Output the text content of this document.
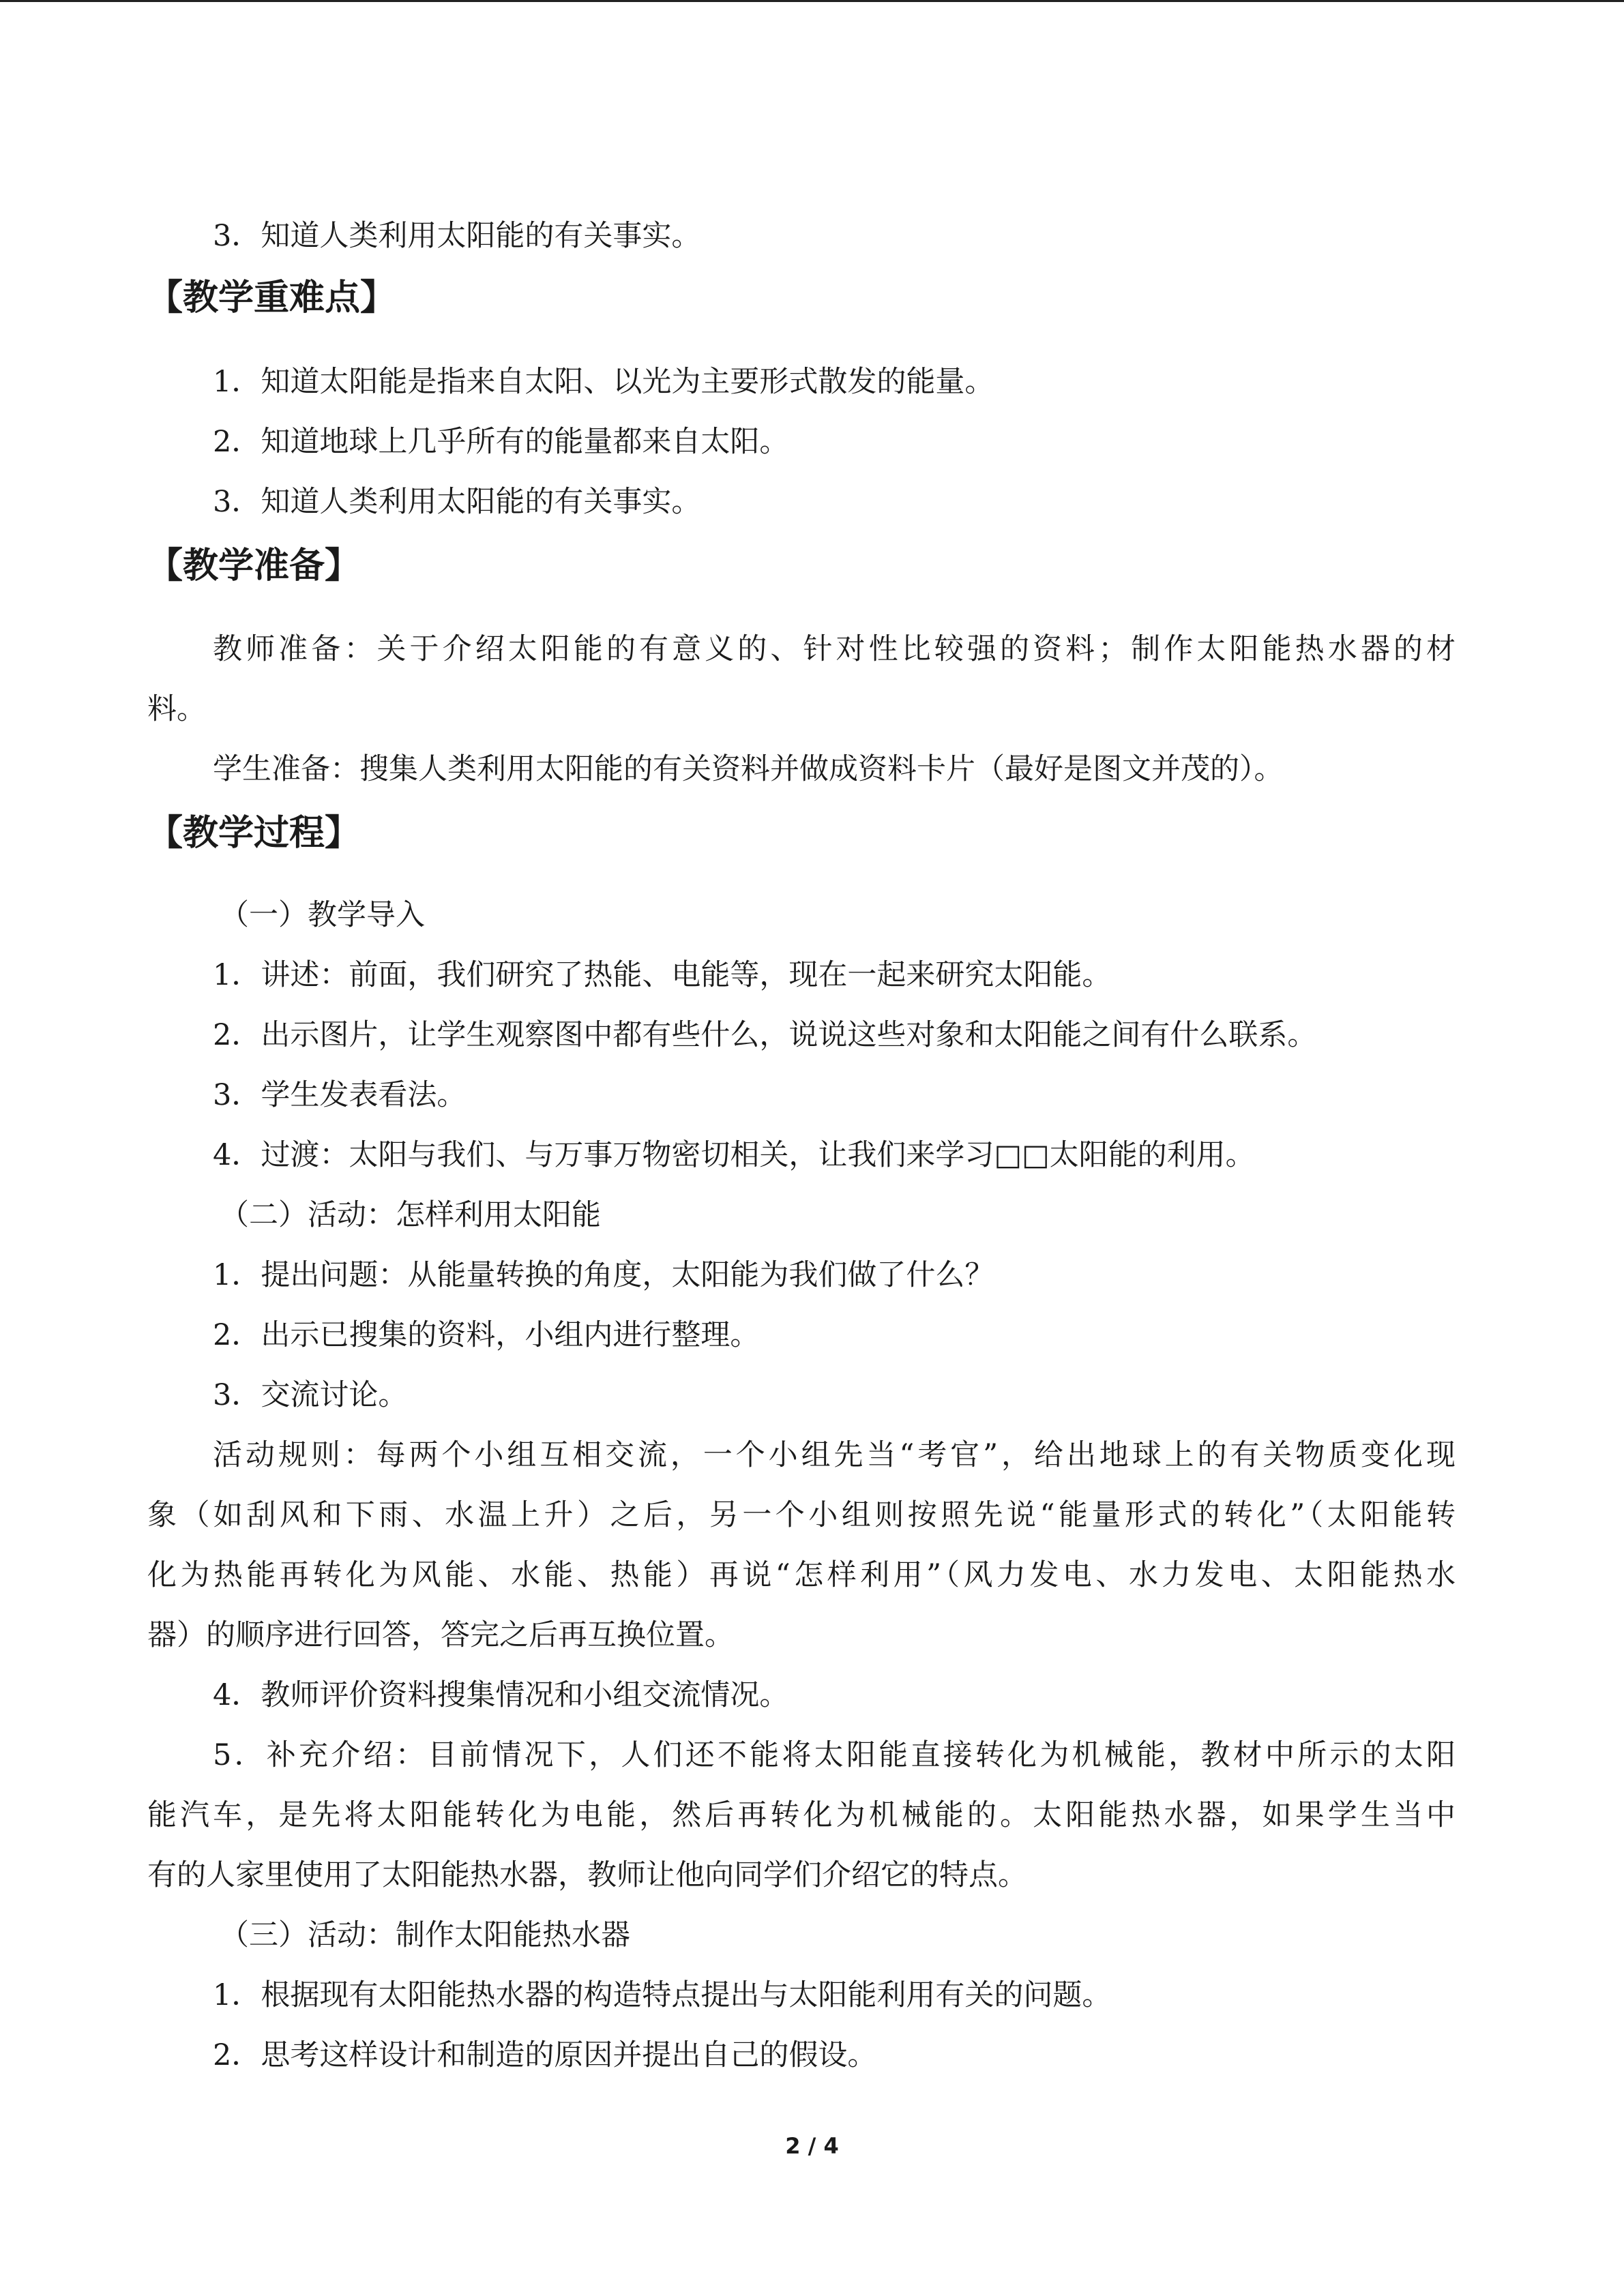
3．知道人类利用太阳能的有关事实。
【教学重难点】
1．知道太阳能是指来自太阳、以光为主要形式散发的能量。
2．知道地球上几乎所有的能量都来自太阳。
3．知道人类利用太阳能的有关事实。
【教学准备】
教师准备：关于介绍太阳能的有意义的、针对性比较强的资料；制作太阳能热水器的材
料。
学生准备：搜集人类利用太阳能的有关资料并做成资料卡片（最好是图文并茂的）。
【教学过程】
（一）教学导入
1．讲述：前面，我们研究了热能、电能等，现在一起来研究太阳能。
2．出示图片，让学生观察图中都有些什么，说说这些对象和太阳能之间有什么联系。
3．学生发表看法。
4．过渡：太阳与我们、与万事万物密切相关，让我们来学习□□太阳能的利用。
（二）活动：怎样利用太阳能
1．提出问题：从能量转换的角度，太阳能为我们做了什么？
2．出示已搜集的资料，小组内进行整理。
3．交流讨论。
活动规则：每两个小组互相交流，一个小组先当“考官”，给出地球上的有关物质变化现
象（如刮风和下雨、水温上升）之后，另一个小组则按照先说“能量形式的转化”（太阳能转
化为热能再转化为风能、水能、热能）再说“怎样利用”（风力发电、水力发电、太阳能热水
器）的顺序进行回答，答完之后再互换位置。
4．教师评价资料搜集情况和小组交流情况。
5．补充介绍：目前情况下，人们还不能将太阳能直接转化为机械能，教材中所示的太阳
能汽车，是先将太阳能转化为电能，然后再转化为机械能的。太阳能热水器，如果学生当中
有的人家里使用了太阳能热水器，教师让他向同学们介绍它的特点。
（三）活动：制作太阳能热水器
1．根据现有太阳能热水器的构造特点提出与太阳能利用有关的问题。
2．思考这样设计和制造的原因并提出自己的假设。
2 / 4
